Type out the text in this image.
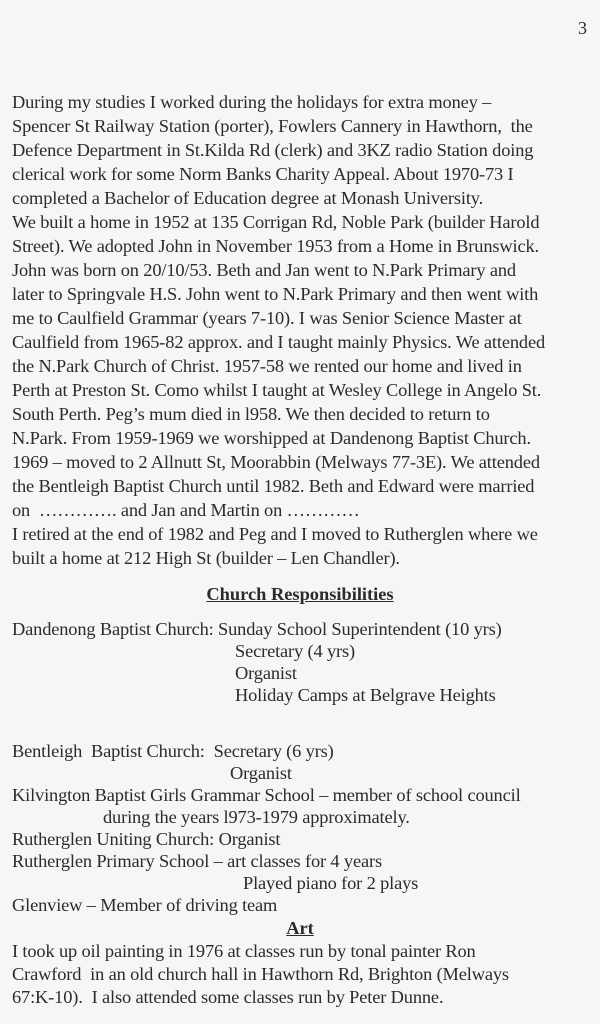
3
During my studies I worked during the holidays for extra money –
Spencer St Railway Station (porter), Fowlers Cannery in Hawthorn,  the
Defence Department in St.Kilda Rd (clerk) and 3KZ radio Station doing
clerical work for some Norm Banks Charity Appeal. About 1970-73 I
completed a Bachelor of Education degree at Monash University.
We built a home in 1952 at 135 Corrigan Rd, Noble Park (builder Harold
Street). We adopted John in November 1953 from a Home in Brunswick.
John was born on 20/10/53. Beth and Jan went to N.Park Primary and
later to Springvale H.S. John went to N.Park Primary and then went with
me to Caulfield Grammar (years 7-10). I was Senior Science Master at
Caulfield from 1965-82 approx. and I taught mainly Physics. We attended
the N.Park Church of Christ. 1957-58 we rented our home and lived in
Perth at Preston St. Como whilst I taught at Wesley College in Angelo St.
South Perth. Peg’s mum died in l958. We then decided to return to
N.Park. From 1959-1969 we worshipped at Dandenong Baptist Church.
1969 – moved to 2 Allnutt St, Moorabbin (Melways 77-3E). We attended
the Bentleigh Baptist Church until 1982. Beth and Edward were married
on  …………. and Jan and Martin on …………
I retired at the end of 1982 and Peg and I moved to Rutherglen where we
built a home at 212 High St (builder – Len Chandler).
Church Responsibilities
Dandenong Baptist Church: Sunday School Superintendent (10 yrs)
Secretary (4 yrs)
Organist
Holiday Camps at Belgrave Heights
Bentleigh  Baptist Church:  Secretary (6 yrs)
Organist
Kilvington Baptist Girls Grammar School – member of school council
during the years l973-1979 approximately.
Rutherglen Uniting Church: Organist
Rutherglen Primary School – art classes for 4 years
Played piano for 2 plays
Glenview – Member of driving team
Art
I took up oil painting in 1976 at classes run by tonal painter Ron
Crawford  in an old church hall in Hawthorn Rd, Brighton (Melways
67:K-10).  I also attended some classes run by Peter Dunne.
